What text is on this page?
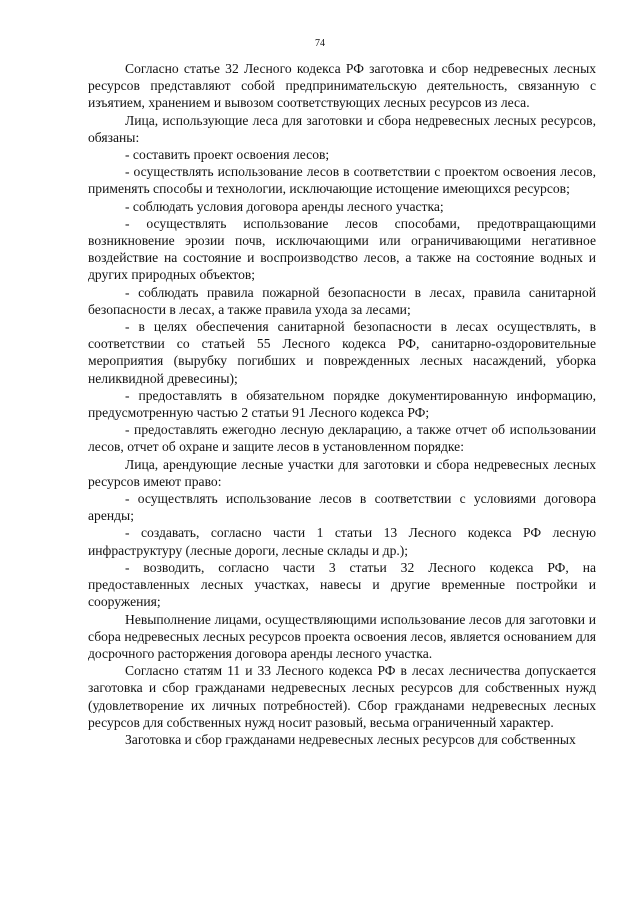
74

Согласно статье 32 Лесного кодекса РФ заготовка и сбор недревесных лесных ресурсов представляют собой предпринимательскую деятельность, связанную с изъятием, хранением и вывозом соответствующих лесных ресурсов из леса.

Лица, использующие леса для заготовки и сбора недревесных лесных ресурсов, обязаны:

- составить проект освоения лесов;

- осуществлять использование лесов в соответствии с проектом освоения лесов, применять способы и технологии, исключающие истощение имеющихся ресурсов;

- соблюдать условия договора аренды лесного участка;

- осуществлять использование лесов способами, предотвращающими возникновение эрозии почв, исключающими или ограничивающими негативное воздействие на состояние и воспроизводство лесов, а также на состояние водных и других природных объектов;

- соблюдать правила пожарной безопасности в лесах, правила санитарной безопасности в лесах, а также правила ухода за лесами;

- в целях обеспечения санитарной безопасности в лесах осуществлять, в соответствии со статьей 55 Лесного кодекса РФ, санитарно-оздоровительные мероприятия (вырубку погибших и поврежденных лесных насаждений, уборка неликвидной древесины);

- предоставлять в обязательном порядке документированную информацию, предусмотренную частью 2 статьи 91 Лесного кодекса РФ;

- предоставлять ежегодно лесную декларацию, а также отчет об использовании лесов, отчет об охране и защите лесов в установленном порядке:

Лица, арендующие лесные участки для заготовки и сбора недревесных лесных ресурсов имеют право:

- осуществлять использование лесов в соответствии с условиями договора аренды;

- создавать, согласно части 1 статьи 13 Лесного кодекса РФ лесную инфраструктуру (лесные дороги, лесные склады и др.);

- возводить, согласно части 3 статьи 32 Лесного кодекса РФ, на предоставленных лесных участках, навесы и другие временные постройки и сооружения;

Невыполнение лицами, осуществляющими использование лесов для заготовки и сбора недревесных лесных ресурсов проекта освоения лесов, является основанием для досрочного расторжения договора аренды лесного участка.

Согласно статям 11 и 33 Лесного кодекса РФ в лесах лесничества допускается заготовка и сбор гражданами недревесных лесных ресурсов для собственных нужд (удовлетворение их личных потребностей). Сбор гражданами недревесных лесных ресурсов для собственных нужд носит разовый, весьма ограниченный характер.

Заготовка и сбор гражданами недревесных лесных ресурсов для собственных
